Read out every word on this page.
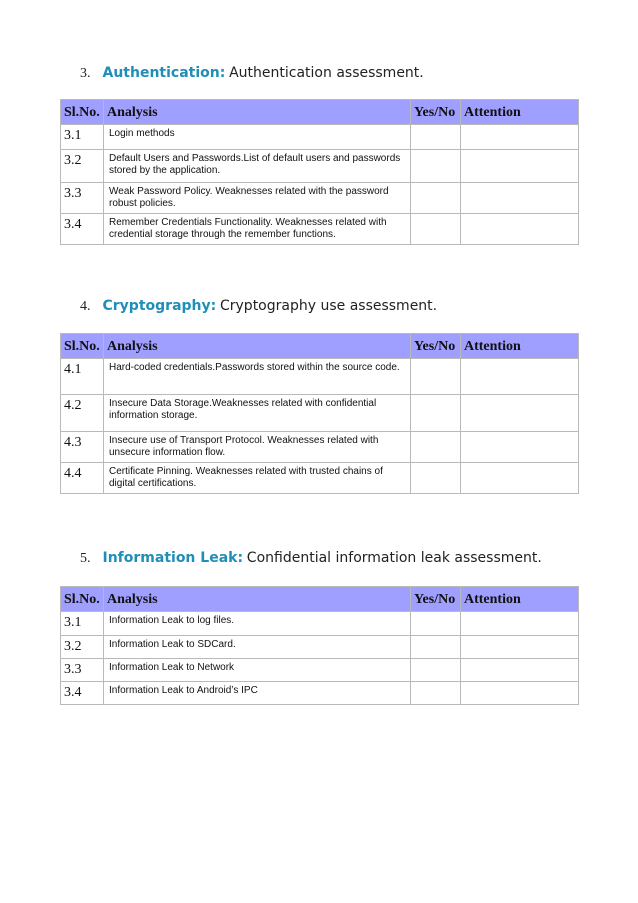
3. Authentication: Authentication assessment.
Sl.No.	Analysis	Yes/No	Attention
3.1	Login methods		
3.2	Default Users and Passwords.List of default users and passwords stored by the application.		
3.3	Weak Password Policy. Weaknesses related with the password robust policies.		
3.4	Remember Credentials Functionality. Weaknesses related with credential storage through the remember functions.		
4. Cryptography: Cryptography use assessment.
Sl.No.	Analysis	Yes/No	Attention
4.1	Hard-coded credentials.Passwords stored within the source code.		
4.2	Insecure Data Storage.Weaknesses related with confidential information storage.		
4.3	Insecure use of Transport Protocol. Weaknesses related with unsecure information flow.		
4.4	Certificate Pinning. Weaknesses related with trusted chains of digital certifications.		
5. Information Leak: Confidential information leak assessment.
Sl.No.	Analysis	Yes/No	Attention
3.1	Information Leak to log files.		
3.2	Information Leak to SDCard.		
3.3	Information Leak to Network		
3.4	Information Leak to Android’s IPC		
